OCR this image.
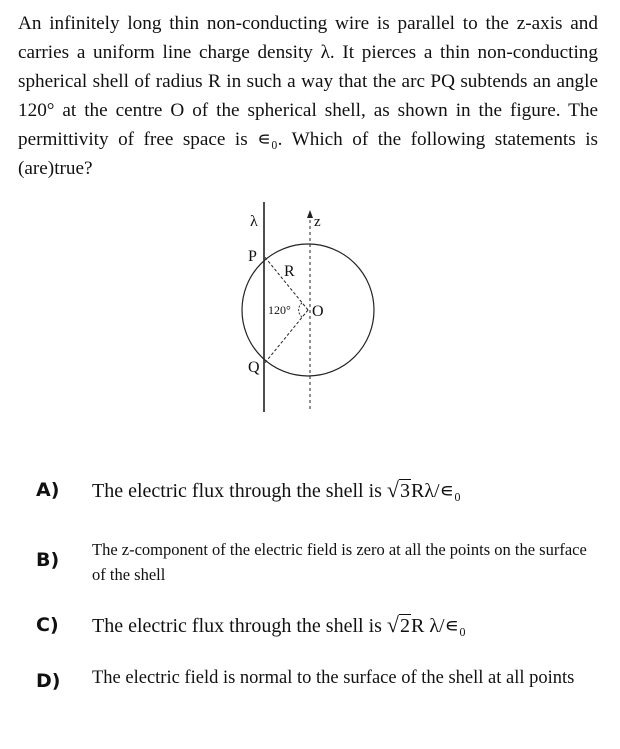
An infinitely long thin non-conducting wire is parallel to the z-axis and carries a uniform line charge density λ. It pierces a thin non-conducting spherical shell of radius R in such a way that the arc PQ subtends an angle 120° at the centre O of the spherical shell, as shown in the figure. The permittivity of free space is ∊₀. Which of the following statements is (are)true?

λ	z
P
R
120° O
Q
A) The electric flux through the shell is √3Rλ/∊₀
B) The z-component of the electric field is zero at all the points on the surface of the shell
C) The electric flux through the shell is √2R λ/∊₀
D) The electric field is normal to the surface of the shell at all points
